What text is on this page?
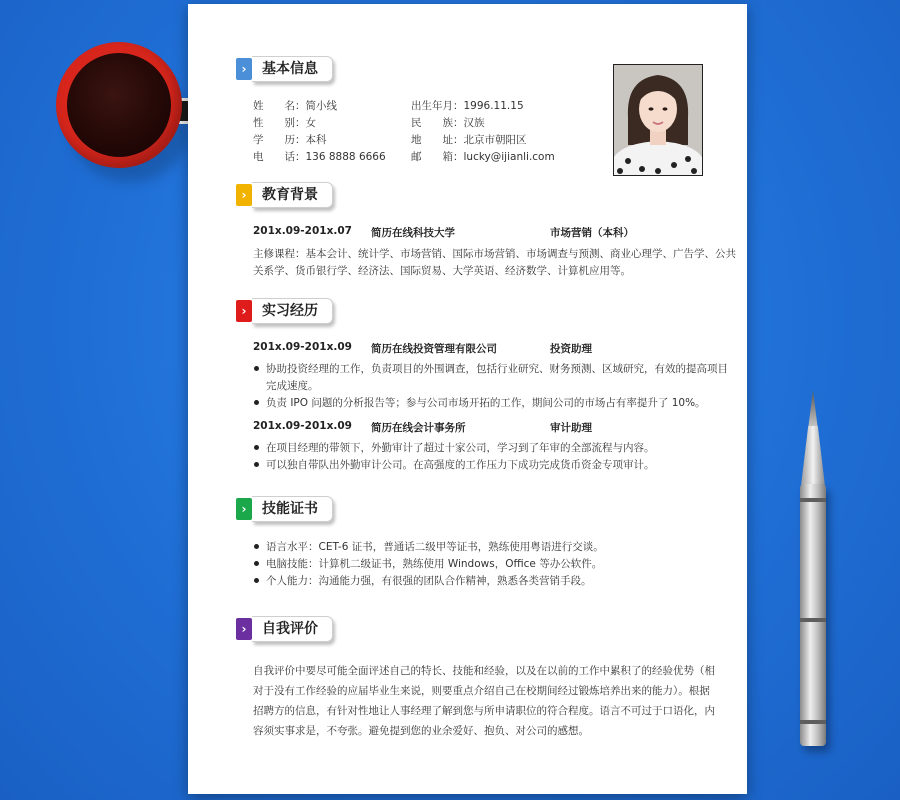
›	基本信息
姓　　名：简小线	出生年月：1996.11.15
性　　别：女	民　　族：汉族
学　　历：本科	地　　址：北京市朝阳区
电　　话：136 8888 6666 邮　　箱：lucky@ijianli.com
›	教育背景
201x.09-201x.07 简历在线科技大学	市场营销（本科）
主修课程：基本会计、统计学、市场营销、国际市场营销、市场调查与预测、商业心理学、广告学、公共
关系学、货币银行学、经济法、国际贸易、大学英语、经济数学、计算机应用等。
›	实习经历
201x.09-201x.09 简历在线投资管理有限公司	投资助理
协助投资经理的工作，负责项目的外围调查，包括行业研究、财务预测、区域研究，有效的提高项目
完成速度。
负责 IPO 问题的分析报告等；参与公司市场开拓的工作，期间公司的市场占有率提升了 10%。
201x.09-201x.09 简历在线会计事务所	审计助理
在项目经理的带领下，外勤审计了超过十家公司，学习到了年审的全部流程与内容。
可以独自带队出外勤审计公司。在高强度的工作压力下成功完成货币资金专项审计。
›	技能证书
语言水平：CET-6 证书，普通话二级甲等证书，熟练使用粤语进行交谈。
电脑技能：计算机二级证书，熟练使用 Windows，Office 等办公软件。
个人能力：沟通能力强，有很强的团队合作精神，熟悉各类营销手段。
›	自我评价
自我评价中要尽可能全面评述自己的特长、技能和经验，以及在以前的工作中累积了的经验优势（相
对于没有工作经验的应届毕业生来说，则要重点介绍自己在校期间经过锻炼培养出来的能力）。根据
招聘方的信息，有针对性地让人事经理了解到您与所申请职位的符合程度。语言不可过于口语化，内
容须实事求是，不夸张。避免提到您的业余爱好、抱负、对公司的感想。
